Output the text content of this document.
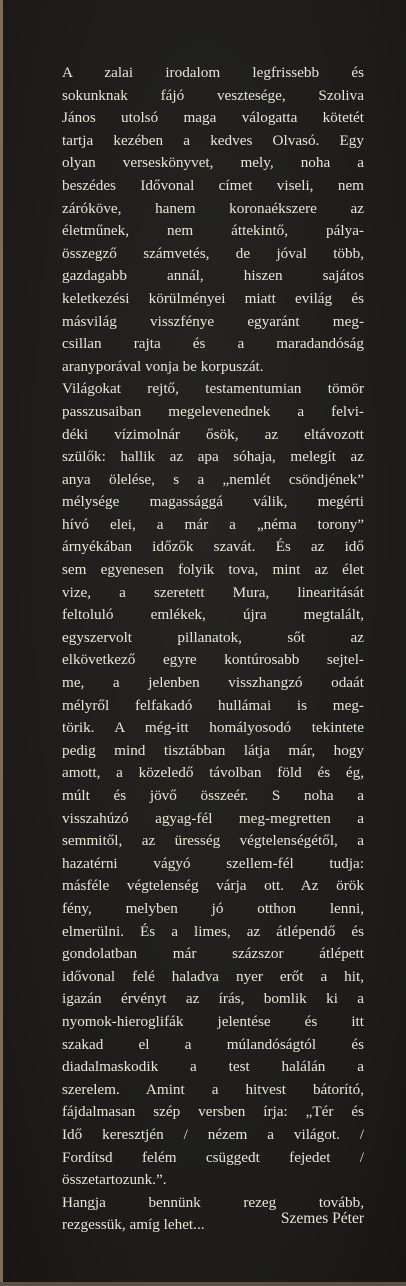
A zalai irodalom legfrissebb és

sokunknak fájó vesztesége, Szoliva

János utolsó maga válogatta kötetét

tartja kezében a kedves Olvasó. Egy

olyan verseskönyvet, mely, noha a

beszédes Idővonal címet viseli, nem

záróköve, hanem koronaékszere az

életműnek, nem áttekintő, pálya-

összegző számvetés, de jóval több,

gazdagabb annál, hiszen sajátos

keletkezési körülményei miatt evilág és

másvilág visszfénye egyaránt meg-

csillan rajta és a maradandóság

aranyporával vonja be korpuszát.

Világokat rejtő, testamentumian tömör

passzusaiban megelevenednek a felvi-

déki vízimolnár ősök, az eltávozott

szülők: hallik az apa sóhaja, melegít az

anya ölelése, s a „nemlét csöndjének”

mélysége magassággá válik, megérti

hívó elei, a már a „néma torony”

árnyékában időzők szavát. És az idő

sem egyenesen folyik tova, mint az élet

vize, a szeretett Mura, linearitását

feltoluló emlékek, újra megtalált,

egyszervolt pillanatok, sőt az

elkövetkező egyre kontúrosabb sejtel-

me, a jelenben visszhangzó odaát

mélyről felfakadó hullámai is meg-

törik. A még-itt homályosodó tekintete

pedig mind tisztábban látja már, hogy

amott, a közeledő távolban föld és ég,

múlt és jövő összeér. S noha a

visszahúzó agyag-fél meg-megretten a

semmitől, az üresség végtelenségétől, a

hazatérni vágyó szellem-fél tudja:

másféle végtelenség várja ott. Az örök

fény, melyben jó otthon lenni,

elmerülni. És a limes, az átlépendő és

gondolatban már százszor átlépett

idővonal felé haladva nyer erőt a hit,

igazán érvényt az írás, bomlik ki a

nyomok-hieroglifák jelentése és itt

szakad el a múlandóságtól és

diadalmaskodik a test halálán a

szerelem. Amint a hitvest bátorító,

fájdalmasan szép versben írja: „Tér és

Idő keresztjén / nézem a világot. /

Fordítsd felém csüggedt fejedet /

összetartozunk.”.

Hangja bennünk rezeg tovább,

rezgessük, amíg lehet...	Szemes Péter
